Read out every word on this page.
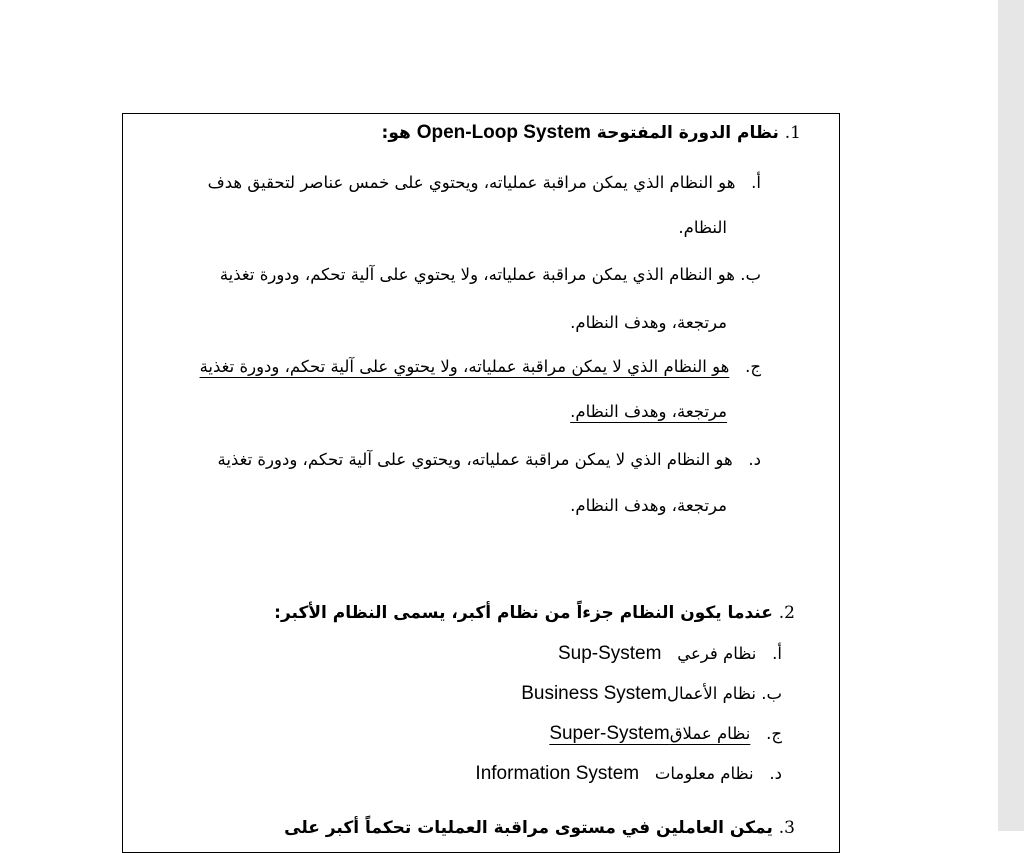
1. نظام الدورة المفتوحة Open-Loop System هو:
أ.   هو النظام الذي يمكن مراقبة عملياته، ويحتوي على خمس عناصر لتحقيق هدف
النظام.
ب. هو النظام الذي يمكن مراقبة عملياته، ولا يحتوي على آلية تحكم، ودورة تغذية
مرتجعة، وهدف النظام.
ج.   هو النظام الذي لا يمكن مراقبة عملياته، ولا يحتوي على آلية تحكم، ودورة تغذية
مرتجعة، وهدف النظام.
د.   هو النظام الذي لا يمكن مراقبة عملياته، ويحتوي على آلية تحكم، ودورة تغذية
مرتجعة، وهدف النظام.
2. عندما يكون النظام جزءاً من نظام أكبر، يسمى النظام الأكبر:
أ.   نظام فرعي   Sup-System
ب. نظام الأعمالBusiness System
ج.   نظام عملاقSuper-System
د.   نظام معلومات   Information System
3. يمكن العاملين في مستوى مراقبة العمليات تحكماً أكبر على
